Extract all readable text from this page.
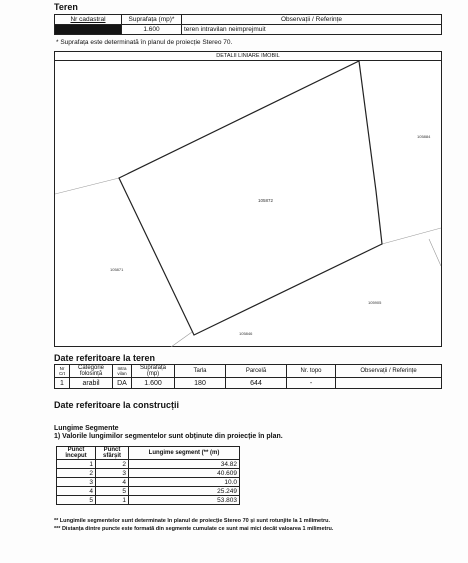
Teren
Nr cadastral	Suprafața (mp)*	Observații / Referințe
	1.600	teren intravilan neimprejmuit
* Suprafața este determinată în planul de proiecție Stereo 70.
DETALII LINIARE IMOBIL
105872
105871
105884
105905
105846
Date referitoare la teren
Nr Crt	Categorie folosință	Intra vilan	Suprafața (mp)	Tarla	Parcelă	Nr. topo	Observații / Referințe
1	arabil	DA	1.600	180	644	-	
Date referitoare la construcții
Lungime Segmente
1) Valorile lungimilor segmentelor sunt obținute din proiecție în plan.
Punct început	Punct sfârșit	Lungime segment (** (m)
1	2	34.82
2	3	40.609
3	4	10.0
4	5	25.249
5	1	53.803
** Lungimile segmentelor sunt determinate în planul de proiecție Stereo 70 și sunt rotunjite la 1 milimetru.
*** Distanța dintre puncte este formată din segmente cumulate ce sunt mai mici decât valoarea 1 milimetru.
